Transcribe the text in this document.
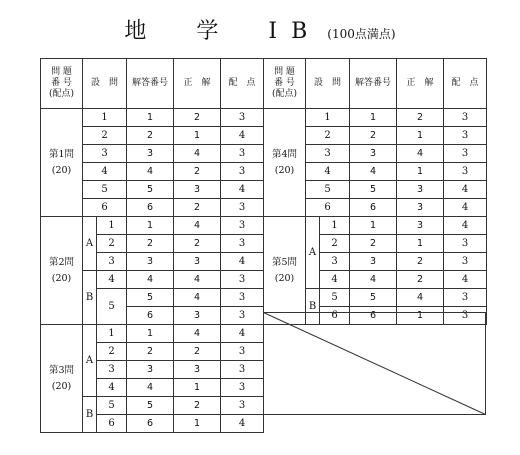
地　学　ⅠB (100点満点)
問 題
番 号
(配点)	設　問		解答番号	正　解	配　点
第1問
(20)	1		1	2	3
	2		2	1	4
	3		3	4	3
	4		4	2	3
	5		5	3	4
	6		6	2	3
第2問
(20)	A	1	1	4	3
		2	2	2	3
		3	3	3	4
	B	4	4	4	3
		5	5	4	3
			6	3	3
第3問
(20)	A	1	1	4	4
		2	2	2	3
		3	3	3	3
		4	4	1	3
	B	5	5	2	3
		6	6	1	4
問 題
番 号
(配点)	設　問		解答番号	正　解	配　点
第4問
(20)	1		1	2	3
	2		2	1	3
	3		3	4	3
	4		4	1	3
	5		5	3	4
	6		6	3	4
第5問
(20)	A	1	1	3	4
		2	2	1	3
		3	3	2	3
		4	4	2	4
	B	5	5	4	3
		6	6	1	3
